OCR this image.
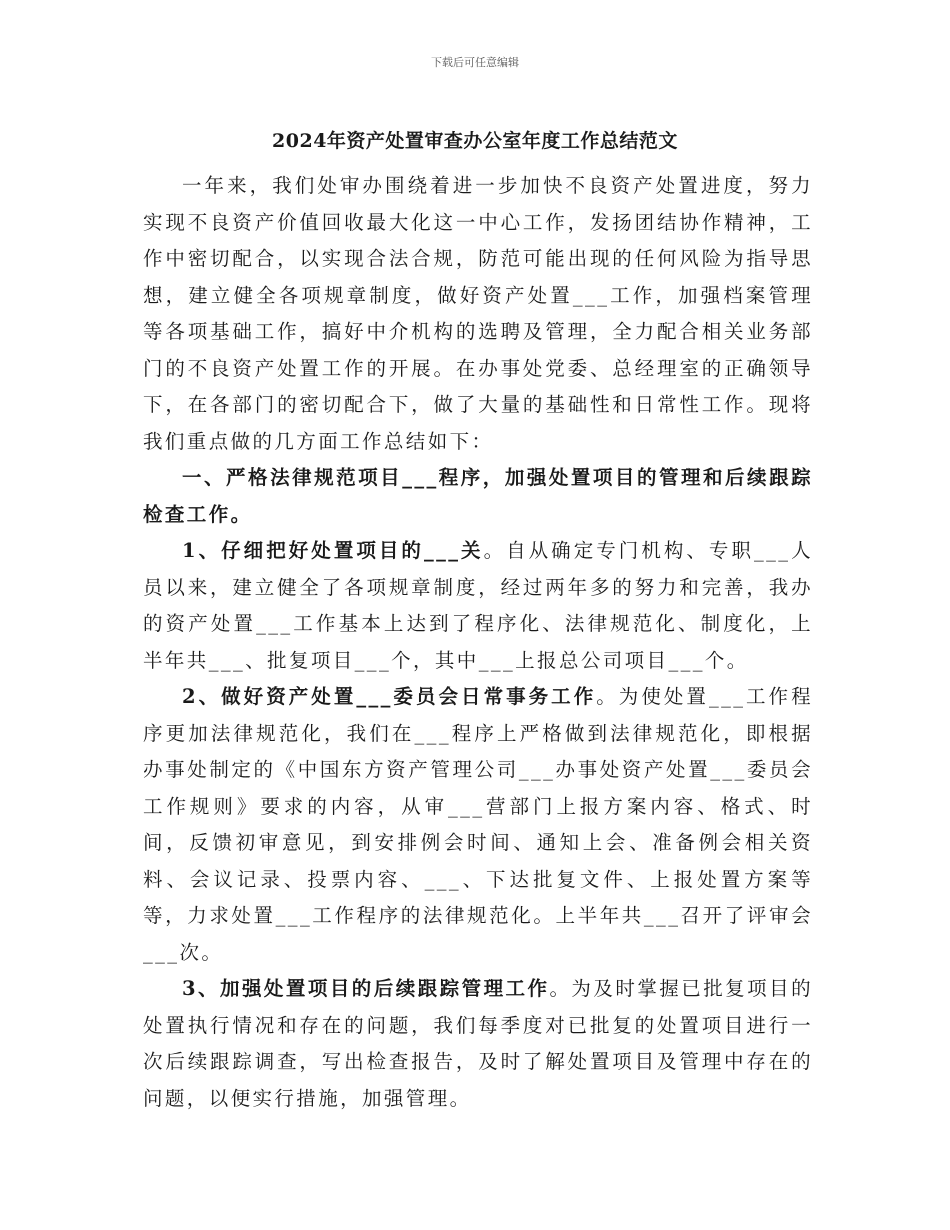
下载后可任意编辑
2024年资产处置审查办公室年度工作总结范文

一年来，我们处审办围绕着进一步加快不良资产处置进度，努力实现不良资产价值回收最大化这一中心工作，发扬团结协作精神，工作中密切配合，以实现合法合规，防范可能出现的任何风险为指导思想，建立健全各项规章制度，做好资产处置___工作，加强档案管理等各项基础工作，搞好中介机构的选聘及管理，全力配合相关业务部门的不良资产处置工作的开展。在办事处党委、总经理室的正确领导下，在各部门的密切配合下，做了大量的基础性和日常性工作。现将我们重点做的几方面工作总结如下：

一、严格法律规范项目___程序，加强处置项目的管理和后续跟踪检查工作。

1、仔细把好处置项目的___关。自从确定专门机构、专职___人员以来，建立健全了各项规章制度，经过两年多的努力和完善，我办的资产处置___工作基本上达到了程序化、法律规范化、制度化，上半年共___、批复项目___个，其中___上报总公司项目___个。

2、做好资产处置___委员会日常事务工作。为使处置___工作程序更加法律规范化，我们在___程序上严格做到法律规范化，即根据办事处制定的《中国东方资产管理公司___办事处资产处置___委员会工作规则》要求的内容，从审___营部门上报方案内容、格式、时间，反馈初审意见，到安排例会时间、通知上会、准备例会相关资料、会议记录、投票内容、___、下达批复文件、上报处置方案等等，力求处置___工作程序的法律规范化。上半年共___召开了评审会___次。

3、加强处置项目的后续跟踪管理工作。为及时掌握已批复项目的处置执行情况和存在的问题，我们每季度对已批复的处置项目进行一次后续跟踪调查，写出检查报告，及时了解处置项目及管理中存在的问题，以便实行措施，加强管理。
